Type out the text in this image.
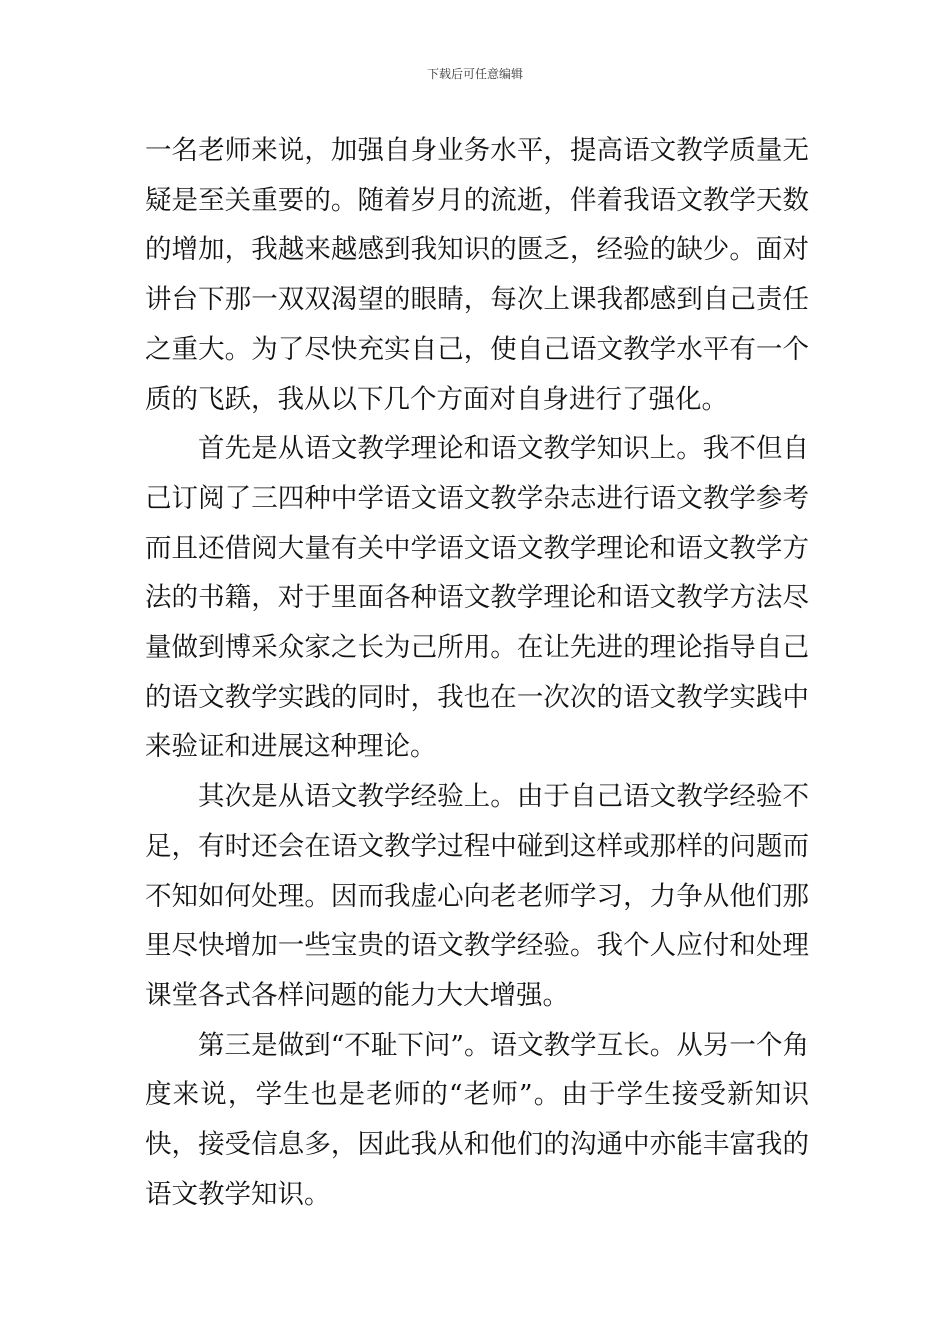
下载后可任意编辑

一名老师来说，加强自身业务水平，提高语文教学质量无疑是至关重要的。随着岁月的流逝，伴着我语文教学天数的增加，我越来越感到我知识的匮乏，经验的缺少。面对讲台下那一双双渴望的眼睛，每次上课我都感到自己责任之重大。为了尽快充实自己，使自己语文教学水平有一个质的飞跃，我从以下几个方面对自身进行了强化。

首先是从语文教学理论和语文教学知识上。我不但自己订阅了三四种中学语文语文教学杂志进行语文教学参考而且还借阅大量有关中学语文语文教学理论和语文教学方法的书籍，对于里面各种语文教学理论和语文教学方法尽量做到博采众家之长为己所用。在让先进的理论指导自己的语文教学实践的同时，我也在一次次的语文教学实践中来验证和进展这种理论。

其次是从语文教学经验上。由于自己语文教学经验不足，有时还会在语文教学过程中碰到这样或那样的问题而不知如何处理。因而我虚心向老老师学习，力争从他们那里尽快增加一些宝贵的语文教学经验。我个人应付和处理课堂各式各样问题的能力大大增强。

第三是做到“不耻下问”。语文教学互长。从另一个角度来说，学生也是老师的“老师”。由于学生接受新知识快，接受信息多，因此我从和他们的沟通中亦能丰富我的语文教学知识。
